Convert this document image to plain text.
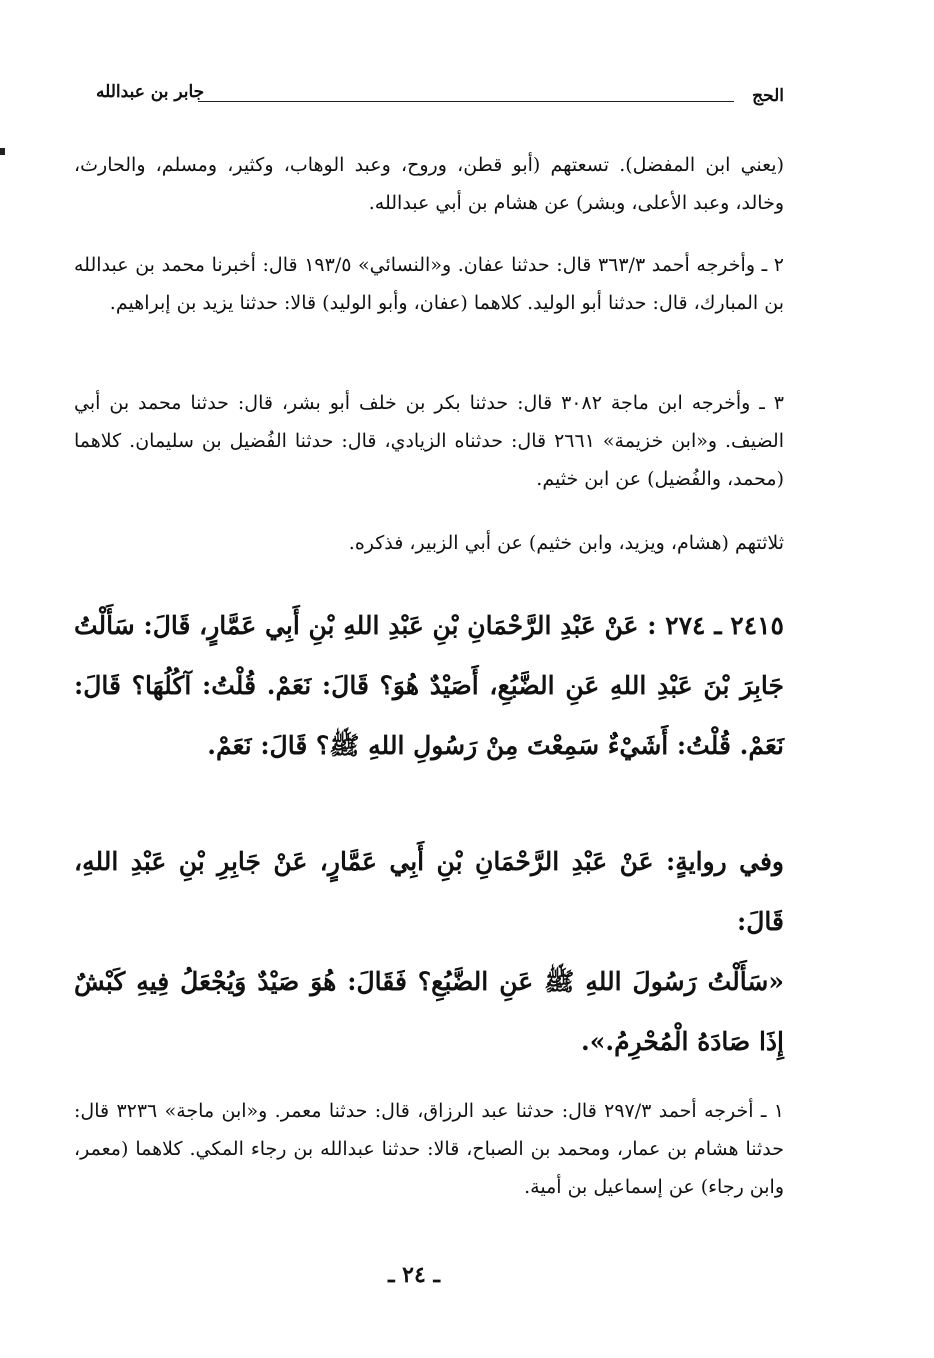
الحج
جابر بن عبدالله

(يعني ابن المفضل). تسعتهم (أبو قطن، وروح، وعبد الوهاب، وكثير، ومسلم، والحارث، وخالد، وعبد الأعلى، وبشر) عن هشام بن أبي عبدالله.

٢ ـ وأخرجه أحمد ٣٦٣/٣ قال: حدثنا عفان. و«النسائي» ١٩٣/٥ قال: أخبرنا محمد بن عبدالله بن المبارك، قال: حدثنا أبو الوليد. كلاهما (عفان، وأبو الوليد) قالا: حدثنا يزيد بن إبراهيم.

٣ ـ وأخرجه ابن ماجة ٣٠٨٢ قال: حدثنا بكر بن خلف أبو بشر، قال: حدثنا محمد بن أبي الضيف. و«ابن خزيمة» ٢٦٦١ قال: حدثناه الزيادي، قال: حدثنا الفُضيل بن سليمان. كلاهما (محمد، والفُضيل) عن ابن خثيم.

ثلاثتهم (هشام، ويزيد، وابن خثيم) عن أبي الزبير، فذكره.

٢٤١٥ ـ ٢٧٤ : عَنْ عَبْدِ الرَّحْمَانِ بْنِ عَبْدِ اللهِ بْنِ أَبِي عَمَّارٍ، قَالَ: سَأَلْتُ جَابِرَ بْنَ عَبْدِ اللهِ عَنِ الضَّبُعِ، أَصَيْدٌ هُوَ؟ قَالَ: نَعَمْ. قُلْتُ: آكُلُهَا؟ قَالَ: نَعَمْ. قُلْتُ: أَشَيْءٌ سَمِعْتَ مِنْ رَسُولِ اللهِ ﷺ؟ قَالَ: نَعَمْ.

وفي روايةٍ: عَنْ عَبْدِ الرَّحْمَانِ بْنِ أَبِي عَمَّارٍ، عَنْ جَابِرِ بْنِ عَبْدِ اللهِ، قَالَ:

«سَأَلْتُ رَسُولَ اللهِ ﷺ عَنِ الضَّبُعِ؟ فَقَالَ: هُوَ صَيْدٌ وَيُجْعَلُ فِيهِ كَبْشٌ إِذَا صَادَهُ الْمُحْرِمُ.».

١ ـ أخرجه أحمد ٢٩٧/٣ قال: حدثنا عبد الرزاق، قال: حدثنا معمر. و«ابن ماجة» ٣٢٣٦ قال: حدثنا هشام بن عمار، ومحمد بن الصباح، قالا: حدثنا عبدالله بن رجاء المكي. كلاهما (معمر، وابن رجاء) عن إسماعيل بن أمية.

ـ ٢٤ ـ
